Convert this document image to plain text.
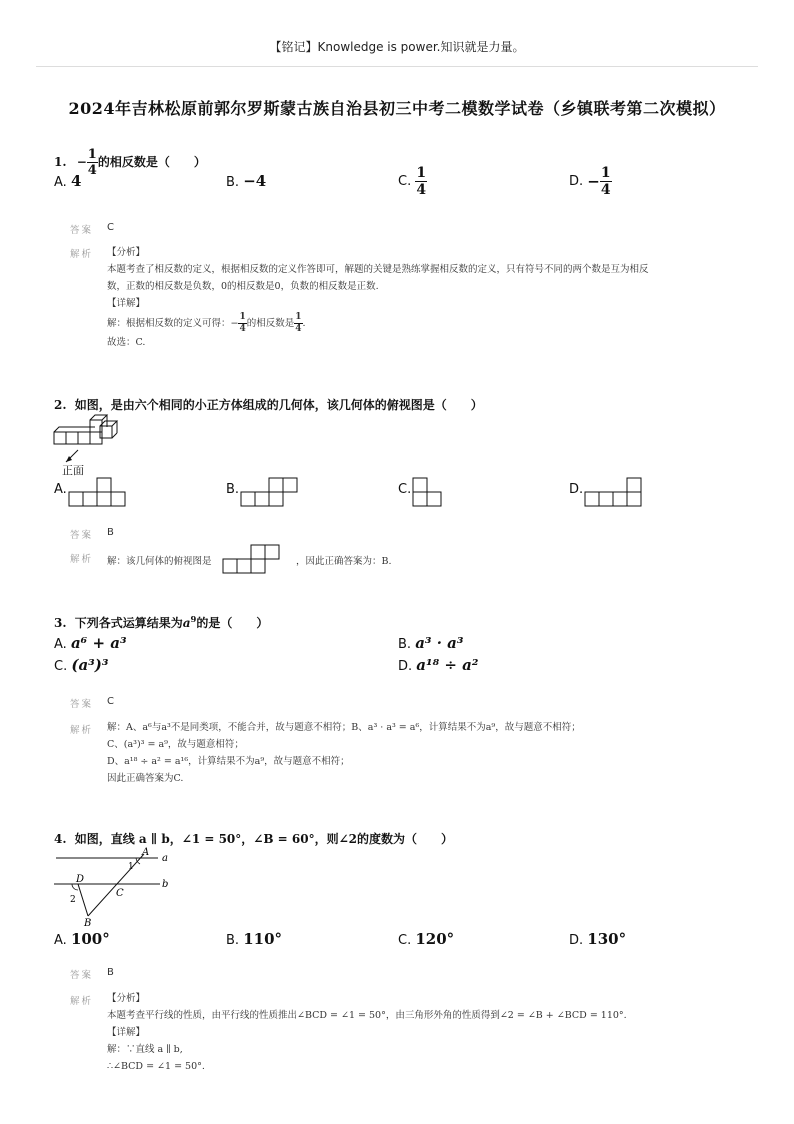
【铭记】Knowledge is power.知识就是力量。
2024年吉林松原前郭尔罗斯蒙古族自治县初三中考二模数学试卷（乡镇联考第二次模拟）
1. − $\frac{1}{4}$ 的相反数是（　　）
A. 4	B. −4	C. $\frac{1}{4}$	D. − $\frac{1}{4}$
答案 C
解析 【分析】
本题考查了相反数的定义，根据相反数的定义作答即可，解题的关键是熟练掌握相反数的定义，只有符号不同的两个数是互为相反
数，正数的相反数是负数，0的相反数是0，负数的相反数是正数.
【详解】
解：根据相反数的定义可得：− $\frac{1}{4}$ 的相反数是 $\frac{1}{4}$ .
故选：C.
2. 如图，是由六个相同的小正方体组成的几何体，该几何体的俯视图是（　　）
正面
A.	B.	C.	D.
答案 B
解析 解：该几何体的俯视图是	，因此正确答案为：B.
3. 下列各式运算结果为$a^9$的是（　　）
A. a⁶ + a³	B. a³ · a³
C. (a³)³	D. a¹⁸ ÷ a²
答案 C
解析 解：A、a⁶与a³不是同类项，不能合并，故与题意不相符；B、a³ · a³ = a⁶，计算结果不为a⁹，故与题意不相符；
C、(a³)³ = a⁹，故与题意相符；
D、a¹⁸ ÷ a² = a¹⁶，计算结果不为a⁹，故与题意不相符；
因此正确答案为C.
4. 如图，直线 a ∥ b，∠1 = 50°，∠B = 60°，则∠2的度数为（　　）
A
a
b
1
D
C
2
B
A. 100°	B. 110°	C. 120°	D. 130°
答案 B
解析 【分析】
本题考查平行线的性质，由平行线的性质推出∠BCD = ∠1 = 50°，由三角形外角的性质得到∠2 = ∠B + ∠BCD = 110°.
【详解】
解：∵直线 a ∥ b,
∴∠BCD = ∠1 = 50°.
